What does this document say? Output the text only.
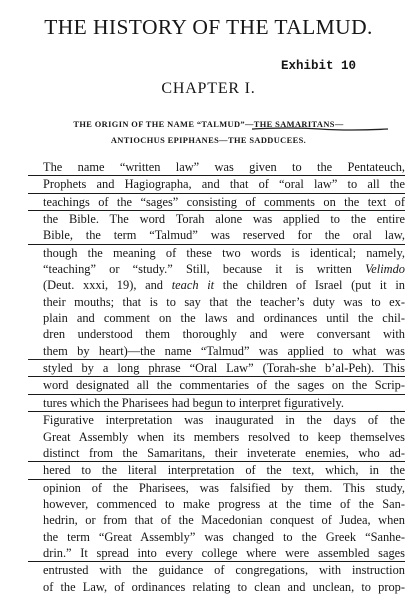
THE HISTORY OF THE TALMUD.
Exhibit 10
CHAPTER I.
THE ORIGIN OF THE NAME “TALMUD”—THE SAMARITANS—
ANTIOCHUS EPIPHANES—THE SADDUCEES.
The name “written law” was given to the Pentateuch,
Prophets and Hagiographa, and that of “oral law” to all the
teachings of the “sages” consisting of comments on the text of
the Bible. The word Torah alone was applied to the entire
Bible, the term “Talmud” was reserved for the oral law,
though the meaning of these two words is identical; namely,
“teaching” or “study.” Still, because it is written Velimdo
(Deut. xxxi, 19), and teach it the children of Israel (put it in
their mouths; that is to say that the teacher’s duty was to ex-
plain and comment on the laws and ordinances until the chil-
dren understood them thoroughly and were conversant with
them by heart)—the name “Talmud” was applied to what was
styled by a long phrase “Oral Law” (Torah-she b’al-Peh). This
word designated all the commentaries of the sages on the Scrip-
tures which the Pharisees had begun to interpret figuratively.
Figurative interpretation was inaugurated in the days of the
Great Assembly when its members resolved to keep themselves
distinct from the Samaritans, their inveterate enemies, who ad-
hered to the literal interpretation of the text, which, in the
opinion of the Pharisees, was falsified by them. This study,
however, commenced to make progress at the time of the San-
hedrin, or from that of the Macedonian conquest of Judea, when
the term “Great Assembly” was changed to the Greek “Sanhe-
drin.” It spread into every college where were assembled sages
entrusted with the guidance of congregations, with instruction
of the Law, of ordinances relating to clean and unclean, to prop-
